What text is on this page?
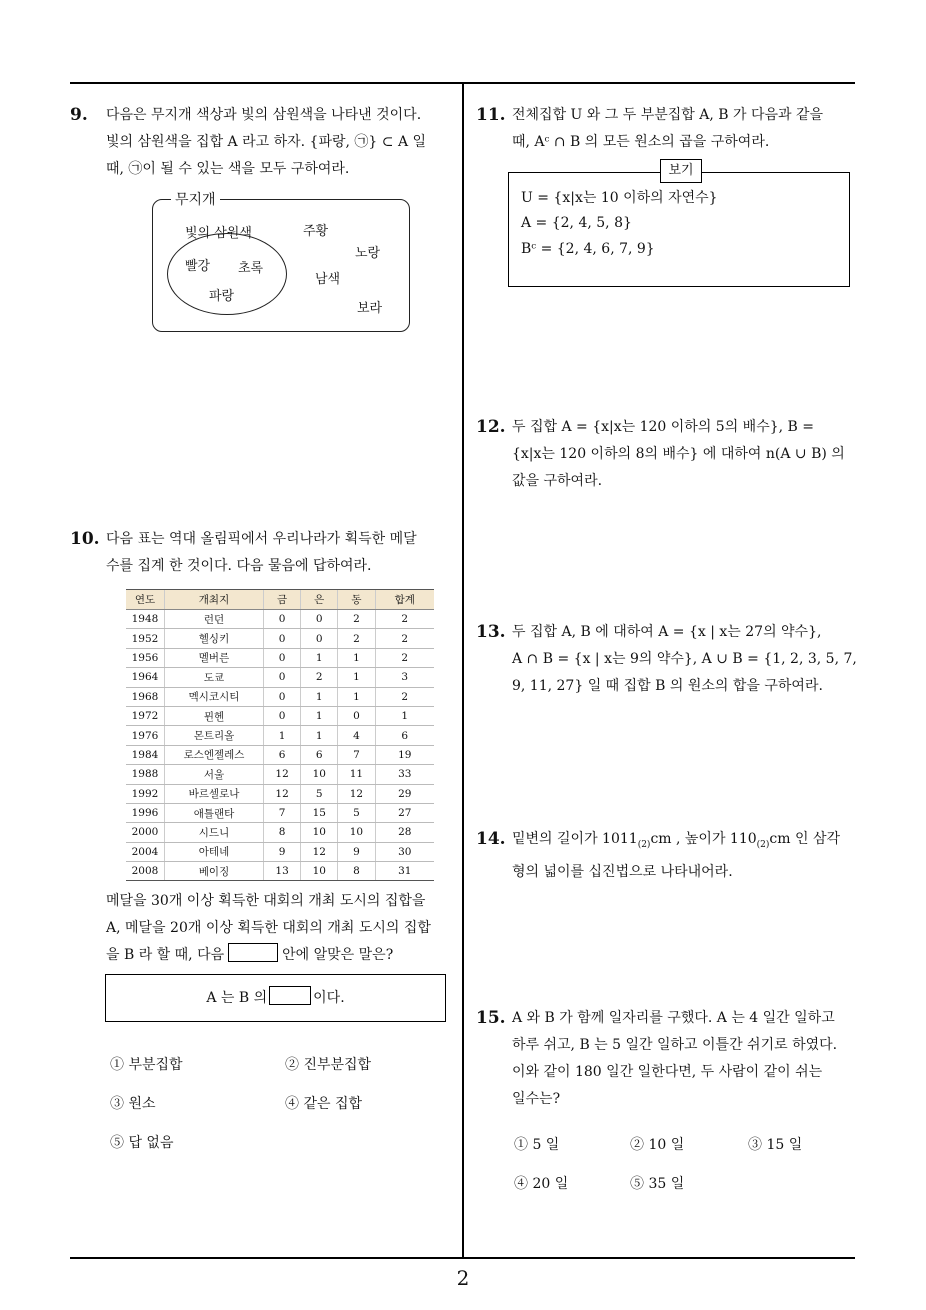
9. 다음은 무지개 색상과 빛의 삼원색을 나타낸 것이다.
빛의 삼원색을 집합 A 라고 하자. {파랑, ㉠} ⊂ A 일
때, ㉠이 될 수 있는 색을 모두 구하여라.
무지개
빛의 삼원색
빨강 초록
파랑
주황
노랑
남색
보라
10. 다음 표는 역대 올림픽에서 우리나라가 획득한 메달
수를 집계 한 것이다. 다음 물음에 답하여라.
연도	개최지	금	은	동	합계
1948	런던	0	0	2	2
1952	헬싱키	0	0	2	2
1956	멜버른	0	1	1	2
1964	도쿄	0	2	1	3
1968	멕시코시티	0	1	1	2
1972	뮌헨	0	1	0	1
1976	몬트리올	1	1	4	6
1984	로스엔젤레스	6	6	7	19
1988	서울	12	10	11	33
1992	바르셀로나	12	5	12	29
1996	애틀랜타	7	15	5	27
2000	시드니	8	10	10	28
2004	아테네	9	12	9	30
2008	베이징	13	10	8	31
메달을 30개 이상 획득한 대회의 개최 도시의 집합을
A, 메달을 20개 이상 획득한 대회의 개최 도시의 집합
을 B 라 할 때, 다음	안에 알맞은 말은?
A 는 B 의	이다.
① 부분집합	② 진부분집합
③ 원소	④ 같은 집합
⑤ 답 없음
11. 전체집합 U 와 그 두 부분집합 A, B 가 다음과 같을
때, Aᶜ ∩ B 의 모든 원소의 곱을 구하여라.
U = {x|x는 10 이하의 자연수}
A = {2, 4, 5, 8}
Bᶜ = {2, 4, 6, 7, 9}
보기
12. 두 집합 A = {x|x는 120 이하의 5의 배수}, B =
{x|x는 120 이하의 8의 배수} 에 대하여 n(A ∪ B) 의
값을 구하여라.
13. 두 집합 A, B 에 대하여 A = {x | x는 27의 약수},
A ∩ B = {x | x는 9의 약수}, A ∪ B = {1, 2, 3, 5, 7,
9, 11, 27} 일 때 집합 B 의 원소의 합을 구하여라.
14. 밑변의 길이가 $1011_{(2)}cm$ , 높이가 $110_{(2)}cm$ 인 삼각
형의 넓이를 십진법으로 나타내어라.
15. A 와 B 가 함께 일자리를 구했다. A 는 4 일간 일하고
하루 쉬고, B 는 5 일간 일하고 이틀간 쉬기로 하였다.
이와 같이 180 일간 일한다면, 두 사람이 같이 쉬는
일수는?
① 5 일	② 10 일	③ 15 일
④ 20 일	⑤ 35 일
2
